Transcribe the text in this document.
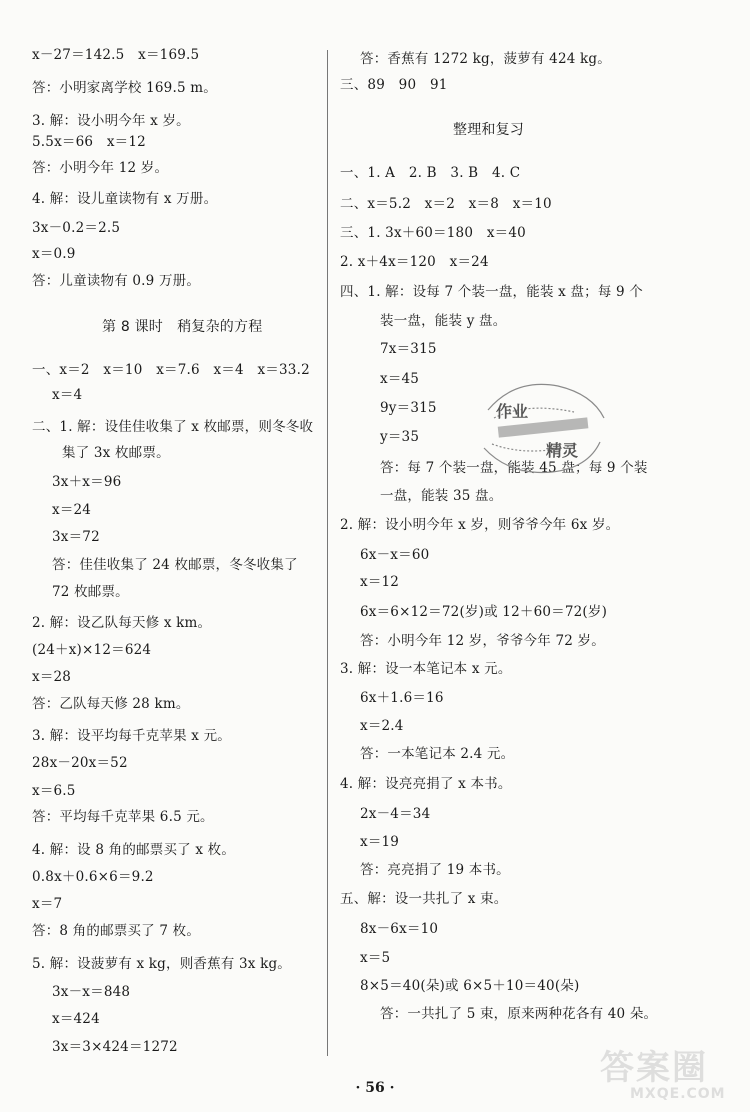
x－27＝142.5　x＝169.5
答：小明家离学校 169.5 m。
3. 解：设小明今年 x 岁。
5.5x＝66　x＝12
答：小明今年 12 岁。
4. 解：设儿童读物有 x 万册。
3x－0.2＝2.5
x＝0.9
答：儿童读物有 0.9 万册。
第 8 课时　稍复杂的方程
一、x＝2　x＝10　x＝7.6　x＝4　x＝33.2
x＝4
二、1. 解：设佳佳收集了 x 枚邮票，则冬冬收
集了 3x 枚邮票。
3x＋x＝96
x＝24
3x＝72
答：佳佳收集了 24 枚邮票，冬冬收集了
72 枚邮票。
2. 解：设乙队每天修 x km。
(24＋x)×12＝624
x＝28
答：乙队每天修 28 km。
3. 解：设平均每千克苹果 x 元。
28x－20x＝52
x＝6.5
答：平均每千克苹果 6.5 元。
4. 解：设 8 角的邮票买了 x 枚。
0.8x＋0.6×6＝9.2
x＝7
答：8 角的邮票买了 7 枚。
5. 解：设菠萝有 x kg，则香蕉有 3x kg。
3x－x＝848
x＝424
3x＝3×424＝1272
答：香蕉有 1272 kg，菠萝有 424 kg。
三、89　90　91
整理和复习
一、1. A　2. B　3. B　4. C
二、x＝5.2　x＝2　x＝8　x＝10
三、1. 3x＋60＝180　x＝40
2. x＋4x＝120　x＝24
四、1. 解：设每 7 个装一盘，能装 x 盘；每 9 个
装一盘，能装 y 盘。
7x＝315
x＝45
9y＝315
y＝35
答：每 7 个装一盘，能装 45 盘；每 9 个装
一盘，能装 35 盘。
2. 解：设小明今年 x 岁，则爷爷今年 6x 岁。
6x－x＝60
x＝12
6x＝6×12＝72(岁)或 12＋60＝72(岁)
答：小明今年 12 岁，爷爷今年 72 岁。
3. 解：设一本笔记本 x 元。
6x＋1.6＝16
x＝2.4
答：一本笔记本 2.4 元。
4. 解：设亮亮捐了 x 本书。
2x－4＝34
x＝19
答：亮亮捐了 19 本书。
五、解：设一共扎了 x 束。
8x－6x＝10
x＝5
8×5＝40(朵)或 6×5＋10＝40(朵)
答：一共扎了 5 束，原来两种花各有 40 朵。
作业
精灵
· 56 ·	答案圈
MXQE.COM
